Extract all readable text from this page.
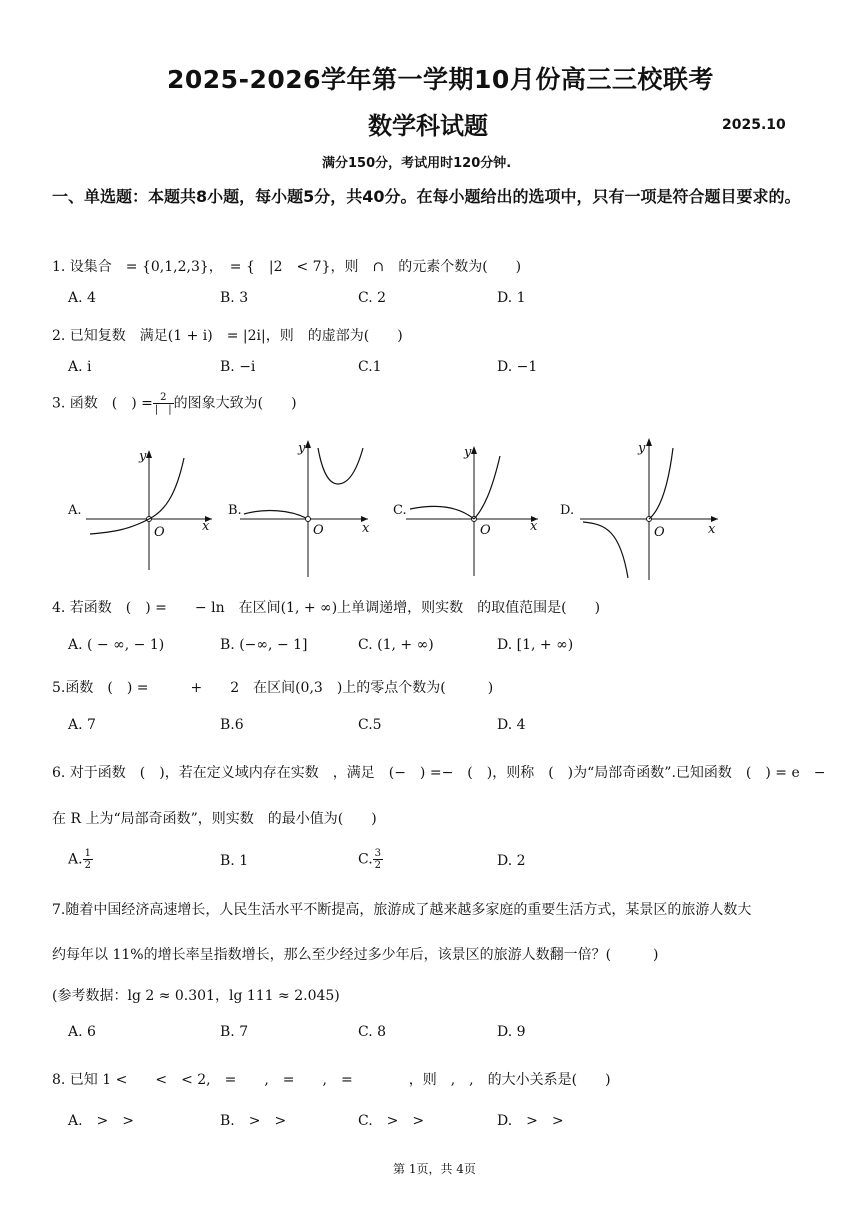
2025-2026学年第一学期10月份高三三校联考
数学科试题	2025.10
满分150分，考试用时120分钟.
一、单选题：本题共8小题，每小题5分，共40分。在每小题给出的选项中，只有一项是符合题目要求的。
1. 设集合　= {0,1,2,3}，　= {　|2　< 7}，则　∩　的元素个数为(　　)
A. 4	B. 3	C. 2	D. 1
2. 已知复数　满足(1 + i)　= |2i|，则　的虚部为(　　)
A. i	B. −i	C.1	D. −1
3. 函数　(　) = $\frac{2}{| |}$ 的图象大致为(　　)
A.
y
x
O
B.
y
x
O
C.
y
x
O
D.
y
x
O
4. 若函数　(　) =　　− ln　在区间(1, + ∞)上单调递增，则实数　的取值范围是(　　)
A. ( − ∞, − 1)	B. (−∞, − 1]	C. (1, + ∞)	D. [1, + ∞)
5.函数　(　) =　　　+　　2　在区间(0,3　)上的零点个数为(　　　)
A. 7	B.6	C.5	D. 4
6. 对于函数　(　)，若在定义域内存在实数　，满足　(−　) =−　(　)，则称　(　)为“局部奇函数”.已知函数　(　) = e　−
在 R 上为“局部奇函数”，则实数　的最小值为(　　)
A. $\frac{1}{2}$	B. 1	C. $\frac{3}{2}$	D. 2
7.随着中国经济高速增长，人民生活水平不断提高，旅游成了越来越多家庭的重要生活方式，某景区的旅游人数大
约每年以 11%的增长率呈指数增长，那么至少经过多少年后，该景区的旅游人数翻一倍？(　　　)
(参考数据：lg 2 ≈ 0.301，lg 111 ≈ 2.045)
A. 6	B. 7	C. 8	D. 9
8. 已知 1 <　　<　< 2,　=　　,　=　　,　=　　　　，则　,　,　的大小关系是(　　)
A.　>　>	B.　>　>	C.　>　>	D.　>　>
第 1页，共 4页
